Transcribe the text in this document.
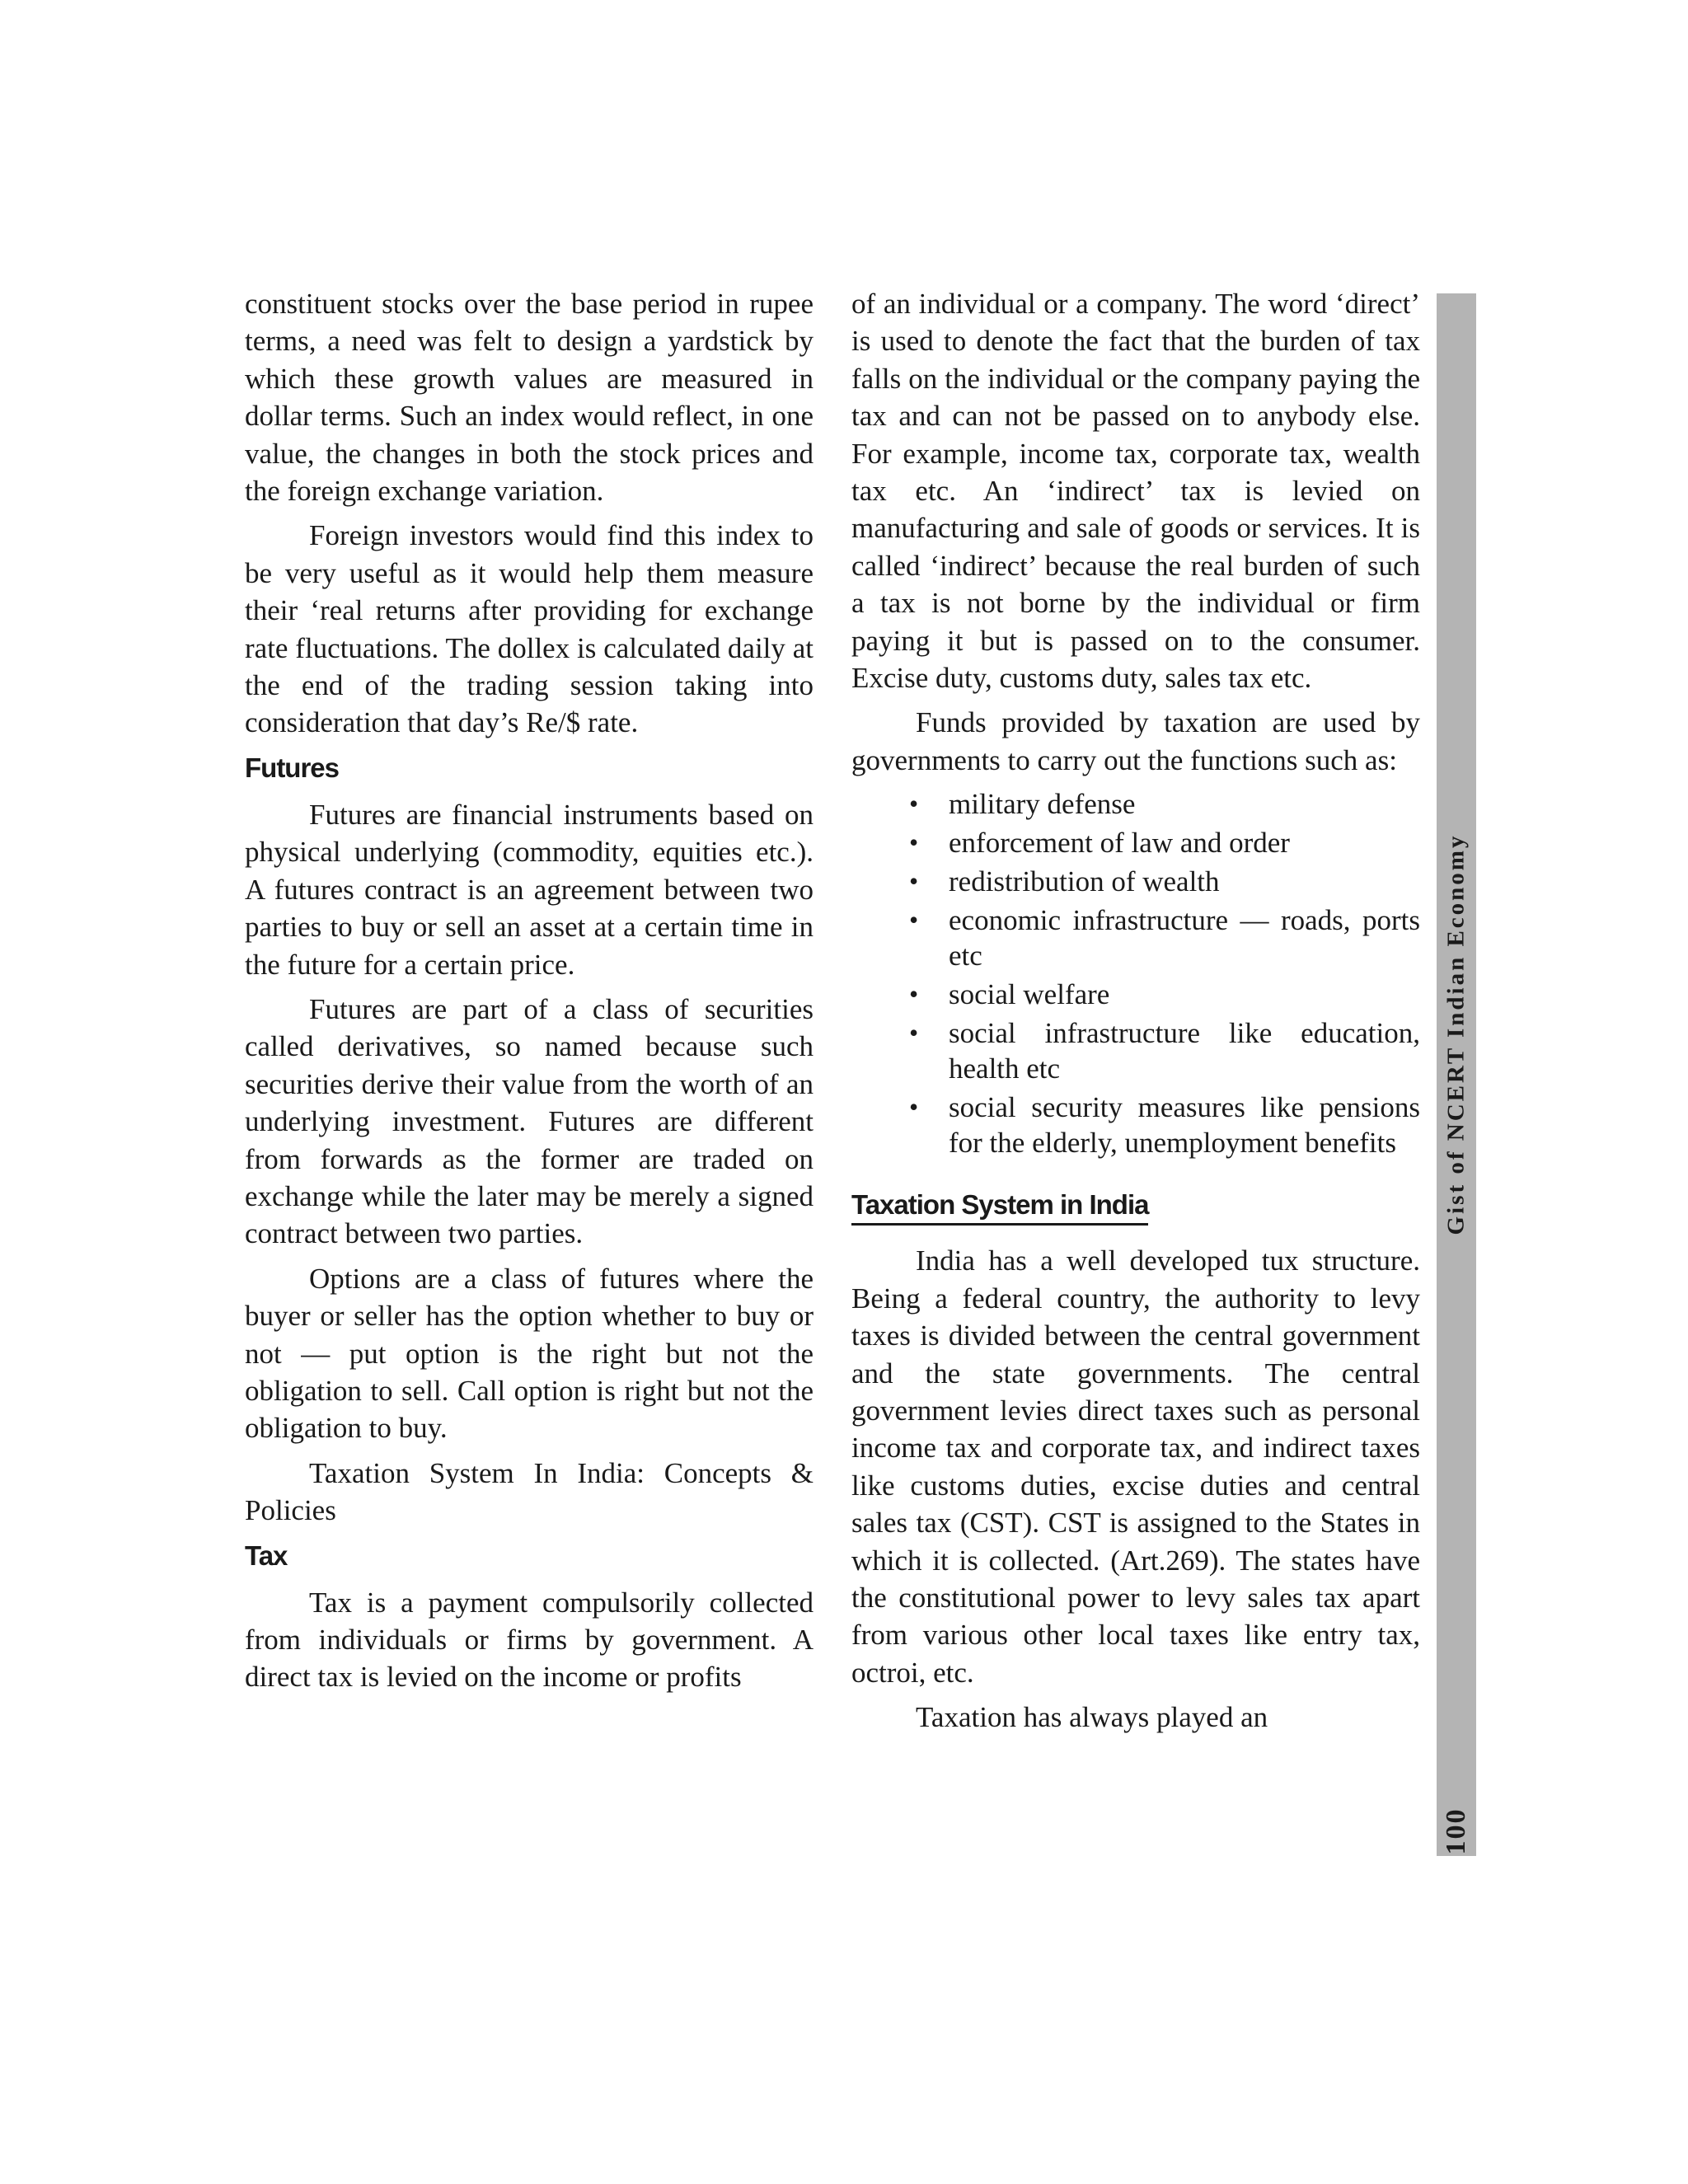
constituent stocks over the base period in rupee terms, a need was felt to design a yardstick by which these growth values are measured in dollar terms. Such an index would reflect, in one value, the changes in both the stock prices and the foreign exchange variation.

Foreign investors would find this index to be very useful as it would help them measure their ‘real returns after providing for exchange rate fluctuations. The dollex is calculated daily at the end of the trading session taking into consideration that day’s Re/$ rate.

Futures

Futures are financial instruments based on physical underlying (commodity, equities etc.). A futures contract is an agreement between two parties to buy or sell an asset at a certain time in the future for a certain price.

Futures are part of a class of securities called derivatives, so named because such securities derive their value from the worth of an underlying investment. Futures are different from forwards as the former are traded on exchange while the later may be merely a signed contract between two parties.

Options are a class of futures where the buyer or seller has the option whether to buy or not — put option is the right but not the obligation to sell. Call option is right but not the obligation to buy.

Taxation System In India: Concepts & Policies

Tax

Tax is a payment compulsorily collected from individuals or firms by government. A direct tax is levied on the income or profits

of an individual or a company. The word ‘direct’ is used to denote the fact that the burden of tax falls on the individual or the company paying the tax and can not be passed on to anybody else. For example, income tax, corporate tax, wealth tax etc. An ‘indirect’ tax is levied on manufacturing and sale of goods or services. It is called ‘indirect’ because the real burden of such a tax is not borne by the individual or firm paying it but is passed on to the consumer. Excise duty, customs duty, sales tax etc.

Funds provided by taxation are used by governments to carry out the functions such as:

• military defense
• enforcement of law and order
• redistribution of wealth
• economic infrastructure — roads, ports etc
• social welfare
• social infrastructure like education, health etc
• social security measures like pensions for the elderly, unemployment benefits
Taxation System in India

India has a well developed tux structure. Being a federal country, the authority to levy taxes is divided between the central government and the state governments. The central government levies direct taxes such as personal income tax and corporate tax, and indirect taxes like customs duties, excise duties and central sales tax (CST). CST is assigned to the States in which it is collected. (Art.269). The states have the constitutional power to levy sales tax apart from various other local taxes like entry tax, octroi, etc.

Taxation has always played an

Gist of NCERT Indian Economy
100
